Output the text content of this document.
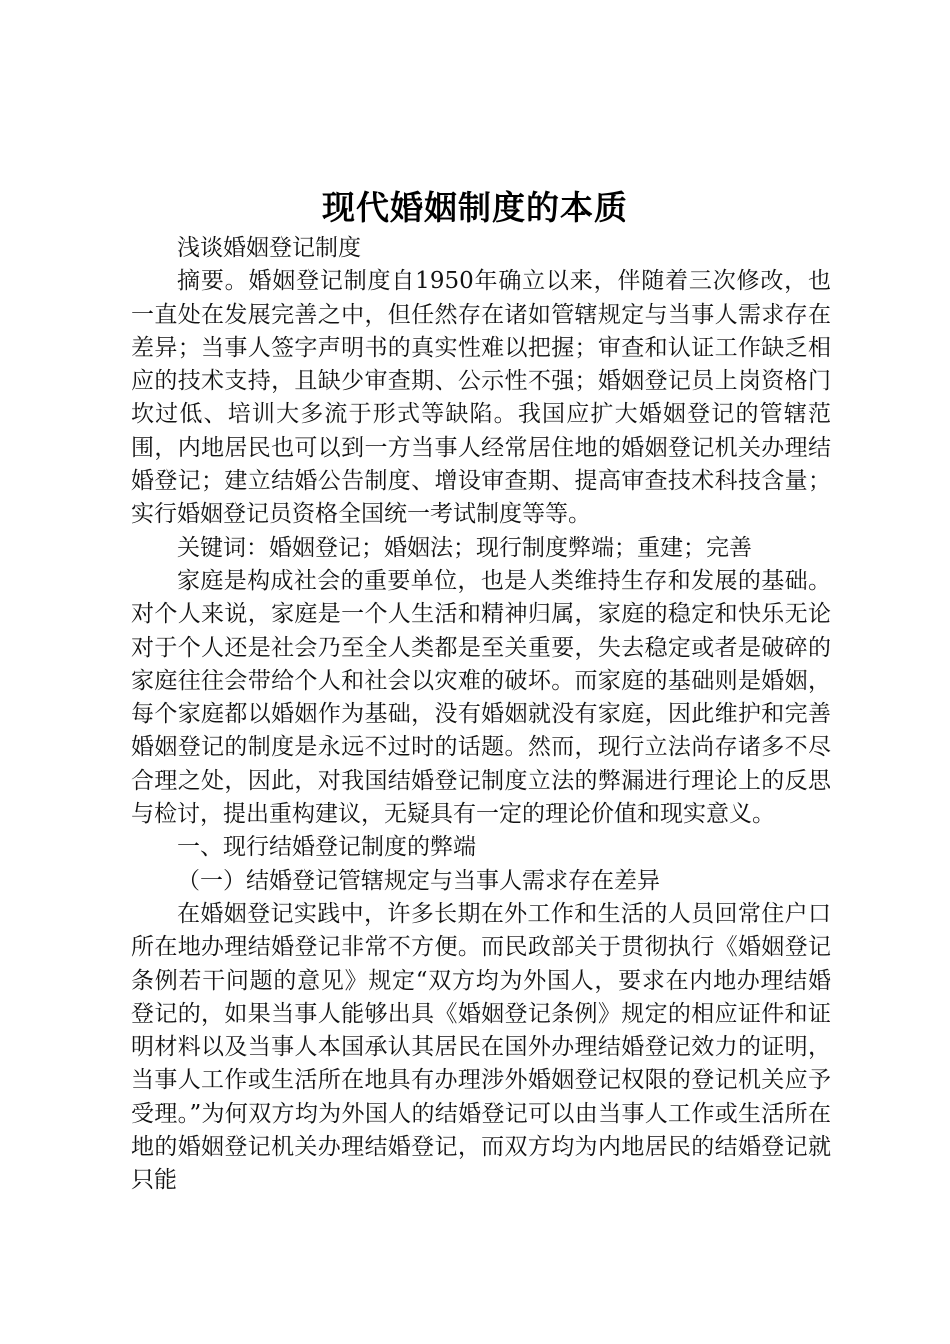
现代婚姻制度的本质

浅谈婚姻登记制度

摘要。婚姻登记制度自1950年确立以来，伴随着三次修改，也一直处在发展完善之中，但任然存在诸如管辖规定与当事人需求存在差异；当事人签字声明书的真实性难以把握；审查和认证工作缺乏相应的技术支持，且缺少审查期、公示性不强；婚姻登记员上岗资格门坎过低、培训大多流于形式等缺陷。我国应扩大婚姻登记的管辖范围，内地居民也可以到一方当事人经常居住地的婚姻登记机关办理结婚登记；建立结婚公告制度、增设审查期、提高审查技术科技含量；实行婚姻登记员资格全国统一考试制度等等。

关键词：婚姻登记；婚姻法；现行制度弊端；重建；完善

家庭是构成社会的重要单位，也是人类维持生存和发展的基础。对个人来说，家庭是一个人生活和精神归属，家庭的稳定和快乐无论对于个人还是社会乃至全人类都是至关重要，失去稳定或者是破碎的家庭往往会带给个人和社会以灾难的破坏。而家庭的基础则是婚姻，每个家庭都以婚姻作为基础，没有婚姻就没有家庭，因此维护和完善婚姻登记的制度是永远不过时的话题。然而，现行立法尚存诸多不尽合理之处，因此，对我国结婚登记制度立法的弊漏进行理论上的反思与检讨，提出重构建议，无疑具有一定的理论价值和现实意义。

一、现行结婚登记制度的弊端

（一）结婚登记管辖规定与当事人需求存在差异

在婚姻登记实践中，许多长期在外工作和生活的人员回常住户口所在地办理结婚登记非常不方便。而民政部关于贯彻执行《婚姻登记条例若干问题的意见》规定“双方均为外国人，要求在内地办理结婚登记的，如果当事人能够出具《婚姻登记条例》规定的相应证件和证明材料以及当事人本国承认其居民在国外办理结婚登记效力的证明，当事人工作或生活所在地具有办理涉外婚姻登记权限的登记机关应予受理。”为何双方均为外国人的结婚登记可以由当事人工作或生活所在地的婚姻登记机关办理结婚登记，而双方均为内地居民的结婚登记就只能
